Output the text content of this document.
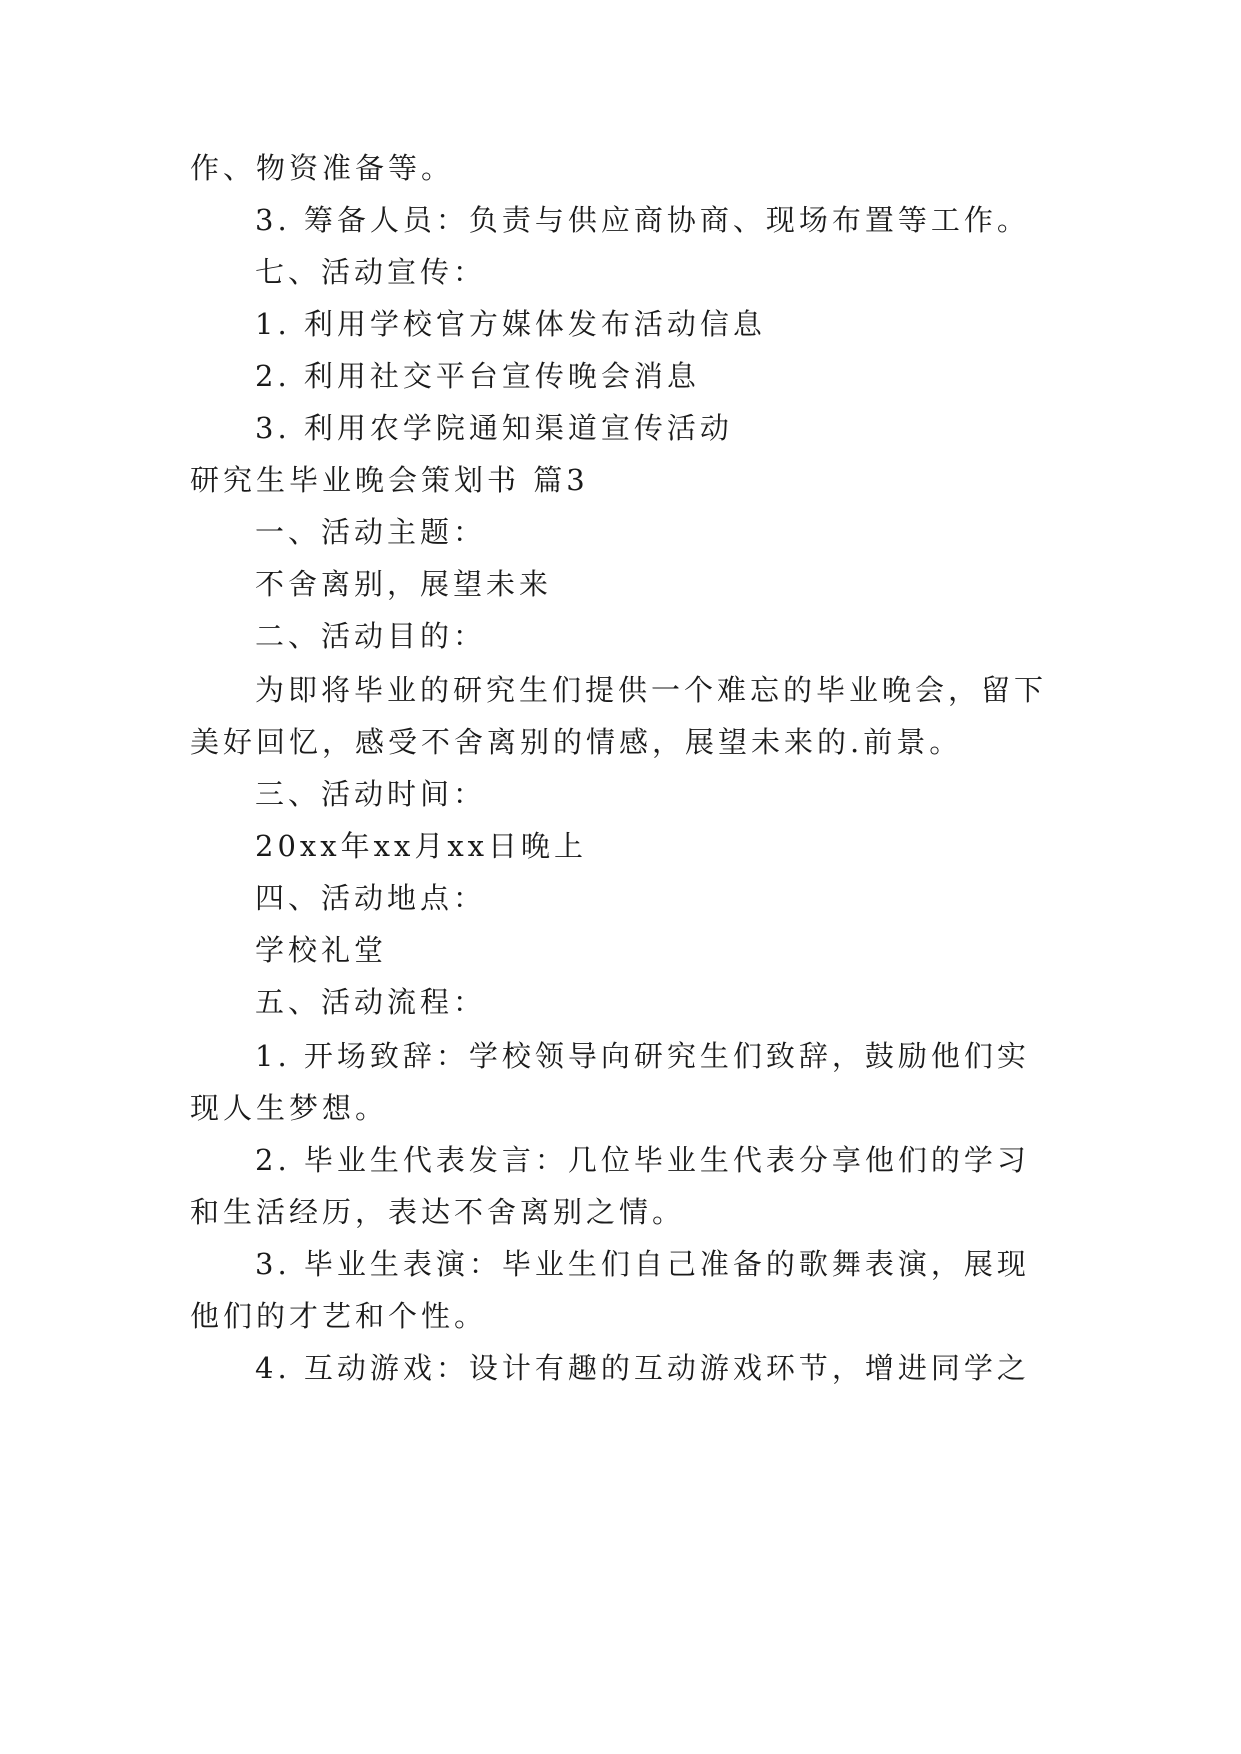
作、物资准备等。
3. 筹备人员：负责与供应商协商、现场布置等工作。
七、活动宣传：
1. 利用学校官方媒体发布活动信息
2. 利用社交平台宣传晚会消息
3. 利用农学院通知渠道宣传活动
研究生毕业晚会策划书 篇3
一、活动主题：
不舍离别，展望未来
二、活动目的：
为即将毕业的研究生们提供一个难忘的毕业晚会，留下
美好回忆，感受不舍离别的情感，展望未来的.前景。
三、活动时间：
20xx年xx月xx日晚上
四、活动地点：
学校礼堂
五、活动流程：
1. 开场致辞：学校领导向研究生们致辞，鼓励他们实
现人生梦想。
2. 毕业生代表发言：几位毕业生代表分享他们的学习
和生活经历，表达不舍离别之情。
3. 毕业生表演：毕业生们自己准备的歌舞表演，展现
他们的才艺和个性。
4. 互动游戏：设计有趣的互动游戏环节，增进同学之
